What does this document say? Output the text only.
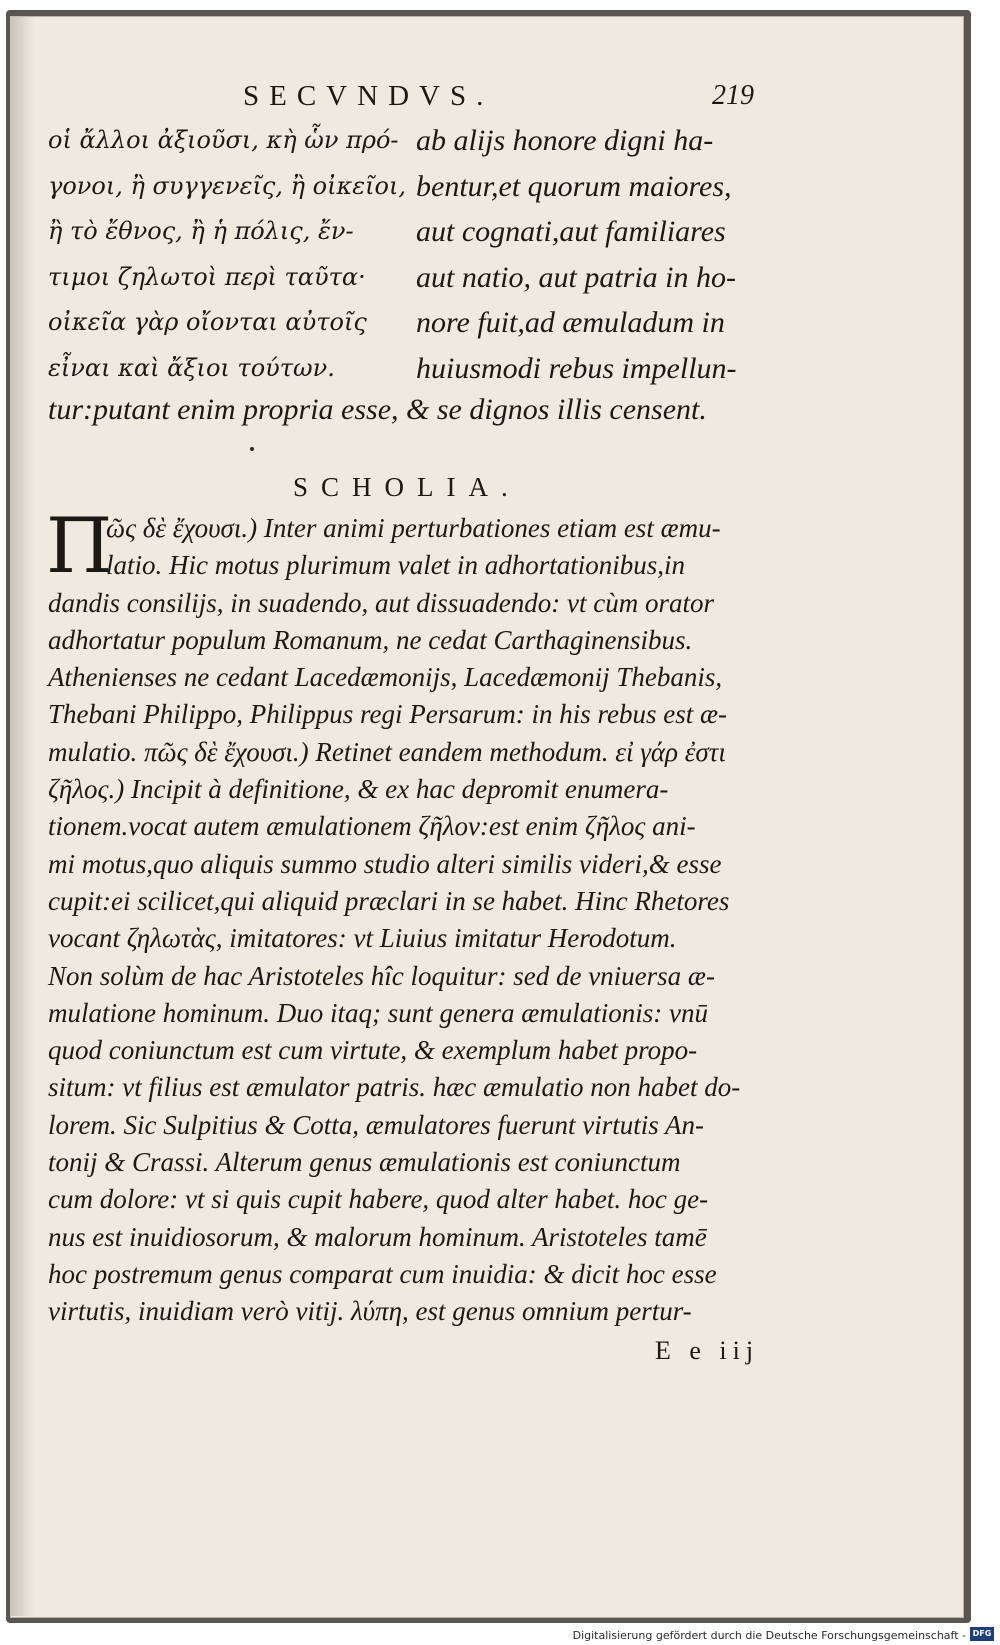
SECVNDVS.	219
οἱ ἄλλοι ἀξιοῦσι, κὴ ὧν πρό-
γονοι, ἢ συγγενεῖς, ἢ οἰκεῖοι,
ἢ τὸ ἔθνος, ἢ ἡ πόλις, ἔν-
τιμοι ζηλωτοὶ περὶ ταῦτα·
οἰκεῖα γὰρ οἴονται αὐτοῖς
εἶναι καὶ ἄξιοι τούτων.
ab alijs honore digni ha-
bentur,et quorum maiores,
aut cognati,aut familiares
aut natio, aut patria in ho-
nore fuit,ad æmuladum in
huiusmodi rebus impellun-
tur:putant enim propria esse, & se dignos illis censent.
SCHOLIA.
Π
ῶς δὲ ἔχουσι.) Inter animi perturbationes etiam est æmu-
latio. Hic motus plurimum valet in adhortationibus,in
dandis consilijs, in suadendo, aut dissuadendo: vt cùm orator
adhortatur populum Romanum, ne cedat Carthaginensibus.
Athenienses ne cedant Lacedæmonijs, Lacedæmonij Thebanis,
Thebani Philippo, Philippus regi Persarum: in his rebus est æ-
mulatio. πῶς δὲ ἔχουσι.) Retinet eandem methodum. εἰ γάρ ἐστι
ζῆλος.) Incipit à definitione, & ex hac depromit enumera-
tionem.vocat autem æmulationem ζῆλον:est enim ζῆλος ani-
mi motus,quo aliquis summo studio alteri similis videri,& esse
cupit:ei scilicet,qui aliquid præclari in se habet. Hinc Rhetores
vocant ζηλωτὰς, imitatores: vt Liuius imitatur Herodotum.
Non solùm de hac Aristoteles hîc loquitur: sed de vniuersa æ-
mulatione hominum. Duo itaq; sunt genera æmulationis: vnū
quod coniunctum est cum virtute, & exemplum habet propo-
situm: vt filius est æmulator patris. hæc æmulatio non habet do-
lorem. Sic Sulpitius & Cotta, æmulatores fuerunt virtutis An-
tonij & Crassi. Alterum genus æmulationis est coniunctum
cum dolore: vt si quis cupit habere, quod alter habet. hoc ge-
nus est inuidiosorum, & malorum hominum. Aristoteles tamē
hoc postremum genus comparat cum inuidia: & dicit hoc esse
virtutis, inuidiam verò vitij. λύπη, est genus omnium pertur-
E e iij
Digitalisierung gefördert durch die Deutsche Forschungsgemeinschaft - DFG
